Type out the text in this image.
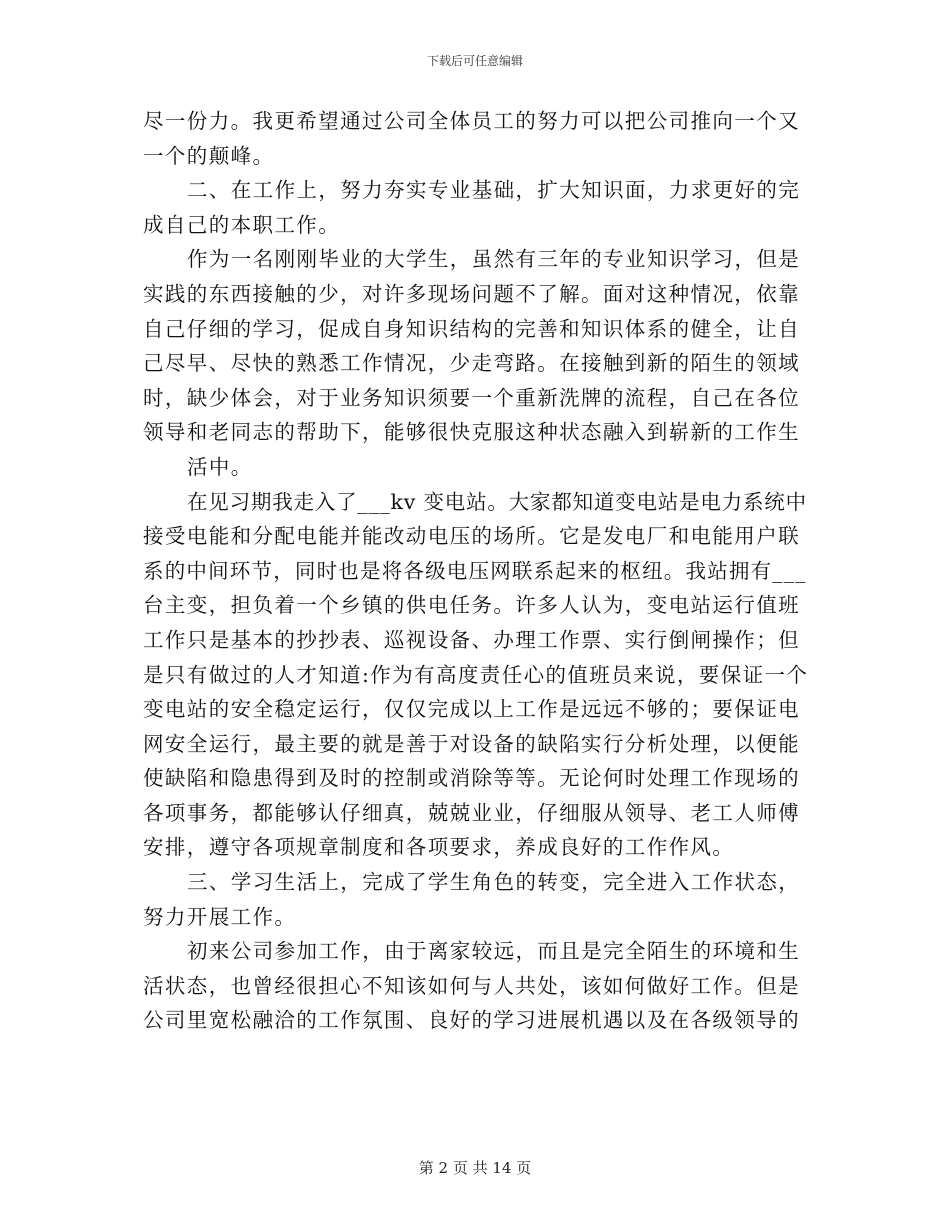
下载后可任意编辑
尽一份力。我更希望通过公司全体员工的努力可以把公司推向一个又
一个的颠峰。
二、在工作上，努力夯实专业基础，扩大知识面，力求更好的完
成自己的本职工作。
作为一名刚刚毕业的大学生，虽然有三年的专业知识学习，但是
实践的东西接触的少，对许多现场问题不了解。面对这种情况，依靠
自己仔细的学习，促成自身知识结构的完善和知识体系的健全，让自
己尽早、尽快的熟悉工作情况，少走弯路。在接触到新的陌生的领域
时，缺少体会，对于业务知识须要一个重新洗牌的流程，自己在各位
领导和老同志的帮助下，能够很快克服这种状态融入到崭新的工作生
活中。
在见习期我走入了___kv 变电站。大家都知道变电站是电力系统中
接受电能和分配电能并能改动电压的场所。它是发电厂和电能用户联
系的中间环节，同时也是将各级电压网联系起来的枢纽。我站拥有___
台主变，担负着一个乡镇的供电任务。许多人认为，变电站运行值班
工作只是基本的抄抄表、巡视设备、办理工作票、实行倒闸操作；但
是只有做过的人才知道:作为有高度责任心的值班员来说，要保证一个
变电站的安全稳定运行，仅仅完成以上工作是远远不够的；要保证电
网安全运行，最主要的就是善于对设备的缺陷实行分析处理，以便能
使缺陷和隐患得到及时的控制或消除等等。无论何时处理工作现场的
各项事务，都能够认仔细真，兢兢业业，仔细服从领导、老工人师傅
安排，遵守各项规章制度和各项要求，养成良好的工作作风。
三、学习生活上，完成了学生角色的转变，完全进入工作状态，
努力开展工作。
初来公司参加工作，由于离家较远，而且是完全陌生的环境和生
活状态，也曾经很担心不知该如何与人共处，该如何做好工作。但是
公司里宽松融洽的工作氛围、良好的学习进展机遇以及在各级领导的
第 2 页 共 14 页
